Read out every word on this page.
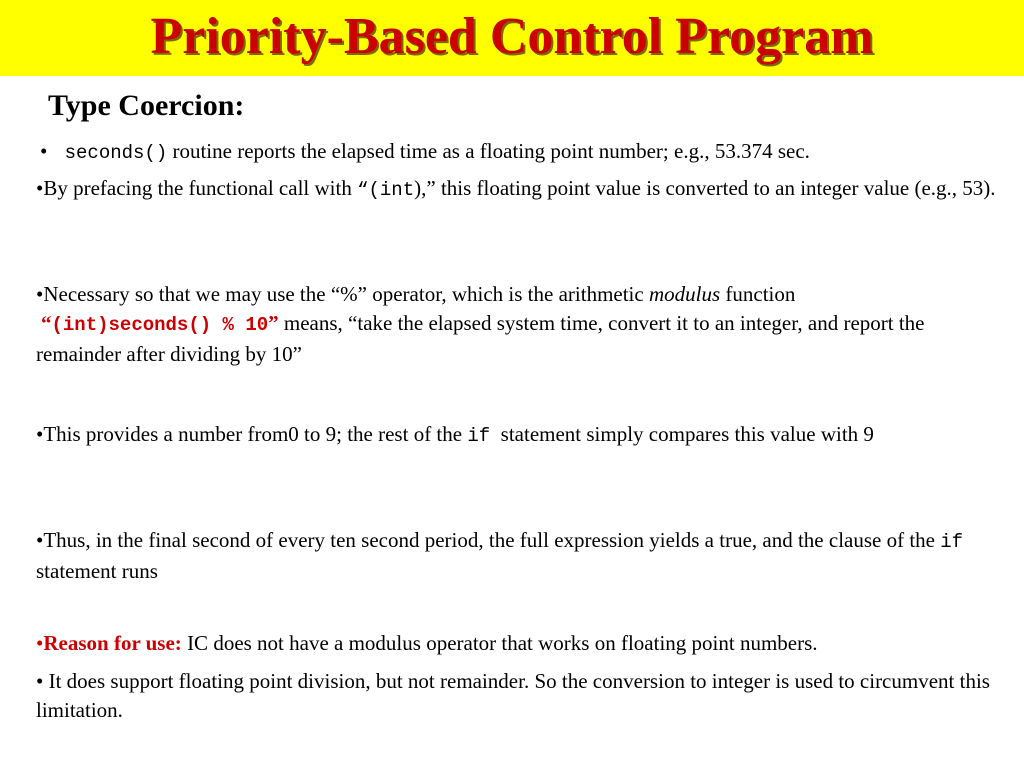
Priority-Based Control Program
Type Coercion:
• seconds() routine reports the elapsed time as a floating point number; e.g., 53.374 sec.
•By prefacing the functional call with “(int),” this floating point value is converted to an integer value (e.g., 53).
•Necessary so that we may use the “%” operator, which is the arithmetic modulus function
“(int)seconds() % 10” means, “take the elapsed system time, convert it to an integer, and report the remainder after dividing by 10”
•This provides a number from0 to 9; the rest of the if  statement simply compares this value with 9
•Thus, in the final second of every ten second period, the full expression yields a true, and the clause of the if  statement runs
•Reason for use: IC does not have a modulus operator that works on floating point numbers.
• It does support floating point division, but not remainder. So the conversion to integer is used to circumvent this limitation.
